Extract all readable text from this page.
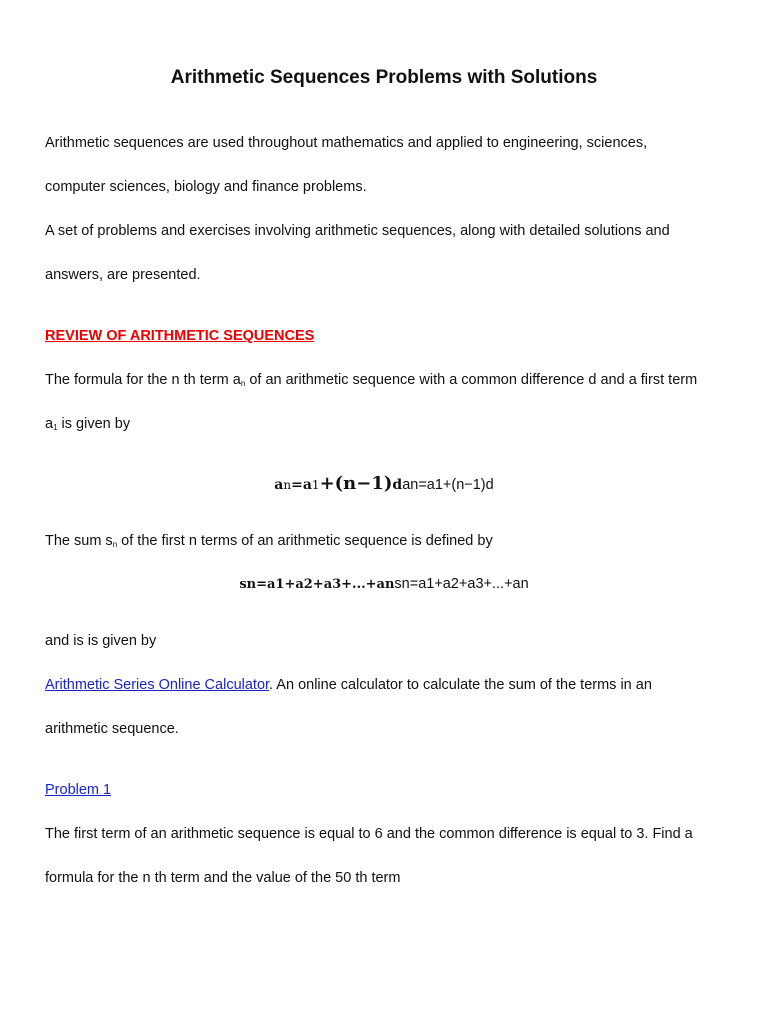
Arithmetic Sequences Problems with Solutions

Arithmetic sequences are used throughout mathematics and applied to engineering, sciences,

computer sciences, biology and finance problems.

A set of problems and exercises involving arithmetic sequences, along with detailed solutions and

answers, are presented.

REVIEW OF ARITHMETIC SEQUENCES

The formula for the n th term $a_n$ of an arithmetic sequence with a common difference d and a first term

$a_1$ is given by

an=a1+(n−1)dan=a1+(n−1)d

The sum $s_n$ of the first n terms of an arithmetic sequence is defined by

sn=a1+a2+a3+...+ansn=a1+a2+a3+...+an

and is is given by

Arithmetic Series Online Calculator. An online calculator to calculate the sum of the terms in an

arithmetic sequence.

Problem 1

The first term of an arithmetic sequence is equal to 6 and the common difference is equal to 3. Find a

formula for the n th term and the value of the 50 th term
